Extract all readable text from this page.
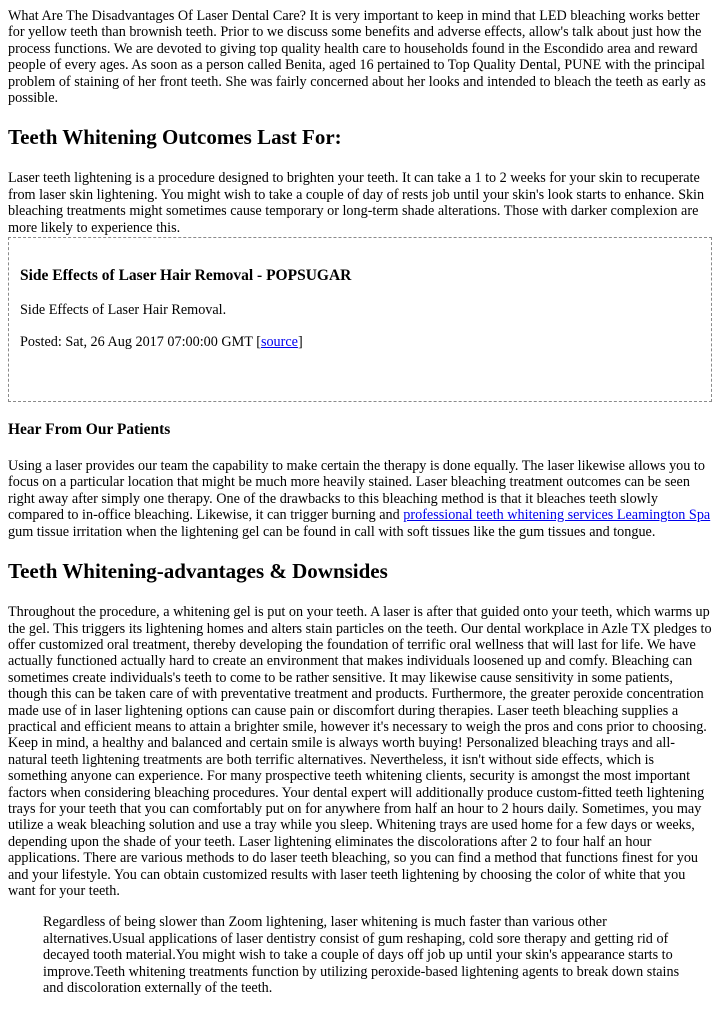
What Are The Disadvantages Of Laser Dental Care? It is very important to keep in mind that LED bleaching works better for yellow teeth than brownish teeth. Prior to we discuss some benefits and adverse effects, allow's talk about just how the process functions. We are devoted to giving top quality health care to households found in the Escondido area and reward people of every ages. As soon as a person called Benita, aged 16 pertained to Top Quality Dental, PUNE with the principal problem of staining of her front teeth. She was fairly concerned about her looks and intended to bleach the teeth as early as possible.

Teeth Whitening Outcomes Last For:

Laser teeth lightening is a procedure designed to brighten your teeth. It can take a 1 to 2 weeks for your skin to recuperate from laser skin lightening. You might wish to take a couple of day of rests job until your skin's look starts to enhance. Skin bleaching treatments might sometimes cause temporary or long-term shade alterations. Those with darker complexion are more likely to experience this.

Side Effects of Laser Hair Removal - POPSUGAR

Side Effects of Laser Hair Removal.

Posted: Sat, 26 Aug 2017 07:00:00 GMT [source]

Hear From Our Patients

Using a laser provides our team the capability to make certain the therapy is done equally. The laser likewise allows you to focus on a particular location that might be much more heavily stained. Laser bleaching treatment outcomes can be seen right away after simply one therapy. One of the drawbacks to this bleaching method is that it bleaches teeth slowly compared to in-office bleaching. Likewise, it can trigger burning and professional teeth whitening services Leamington Spa gum tissue irritation when the lightening gel can be found in call with soft tissues like the gum tissues and tongue.

Teeth Whitening-advantages & Downsides

Throughout the procedure, a whitening gel is put on your teeth. A laser is after that guided onto your teeth, which warms up the gel. This triggers its lightening homes and alters stain particles on the teeth. Our dental workplace in Azle TX pledges to offer customized oral treatment, thereby developing the foundation of terrific oral wellness that will last for life. We have actually functioned actually hard to create an environment that makes individuals loosened up and comfy. Bleaching can sometimes create individuals's teeth to come to be rather sensitive. It may likewise cause sensitivity in some patients, though this can be taken care of with preventative treatment and products. Furthermore, the greater peroxide concentration made use of in laser lightening options can cause pain or discomfort during therapies. Laser teeth bleaching supplies a practical and efficient means to attain a brighter smile, however it's necessary to weigh the pros and cons prior to choosing. Keep in mind, a healthy and balanced and certain smile is always worth buying! Personalized bleaching trays and all-natural teeth lightening treatments are both terrific alternatives. Nevertheless, it isn't without side effects, which is something anyone can experience. For many prospective teeth whitening clients, security is amongst the most important factors when considering bleaching procedures. Your dental expert will additionally produce custom-fitted teeth lightening trays for your teeth that you can comfortably put on for anywhere from half an hour to 2 hours daily. Sometimes, you may utilize a weak bleaching solution and use a tray while you sleep. Whitening trays are used home for a few days or weeks, depending upon the shade of your teeth. Laser lightening eliminates the discolorations after 2 to four half an hour applications. There are various methods to do laser teeth bleaching, so you can find a method that functions finest for you and your lifestyle. You can obtain customized results with laser teeth lightening by choosing the color of white that you want for your teeth.

Regardless of being slower than Zoom lightening, laser whitening is much faster than various other alternatives.Usual applications of laser dentistry consist of gum reshaping, cold sore therapy and getting rid of decayed tooth material.You might wish to take a couple of days off job up until your skin's appearance starts to improve.Teeth whitening treatments function by utilizing peroxide-based lightening agents to break down stains and discoloration externally of the teeth.
